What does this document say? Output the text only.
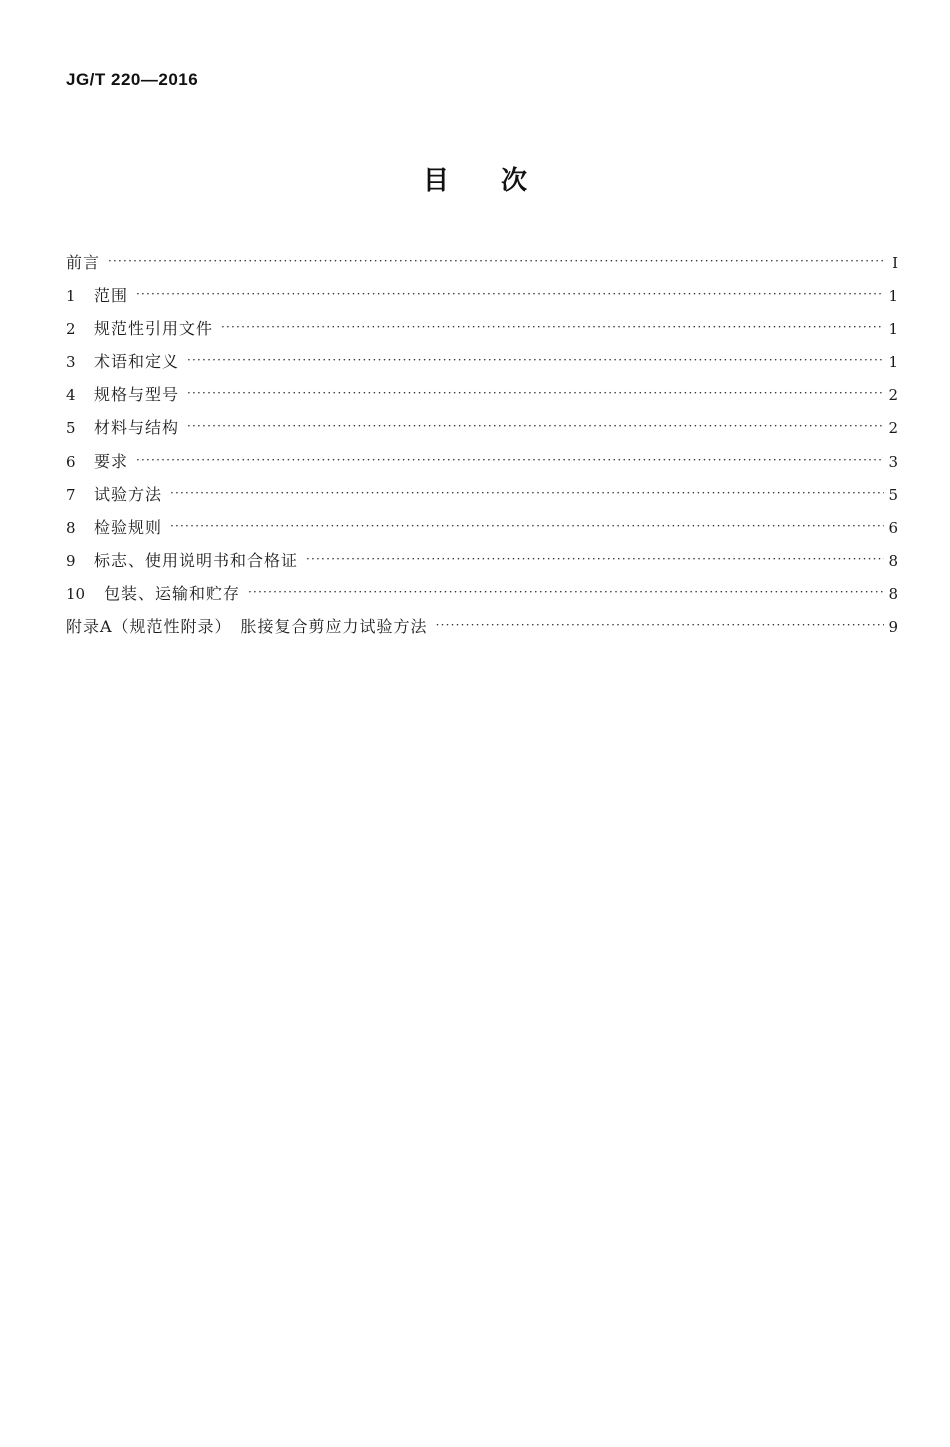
JG/T 220—2016
目　　次
前言 ·····	Ⅰ
1	范围 ·····	1
2	规范性引用文件 ·····	1
3	术语和定义 ·····	1
4	规格与型号 ·····	2
5	材料与结构 ·····	2
6	要求 ·····	3
7	试验方法 ·····	5
8	检验规则 ·····	6
9	标志、使用说明书和合格证 ·····	8
10	包装、运输和贮存 ·····	8
附录A（规范性附录）　胀接复合剪应力试验方法 ·····	9
